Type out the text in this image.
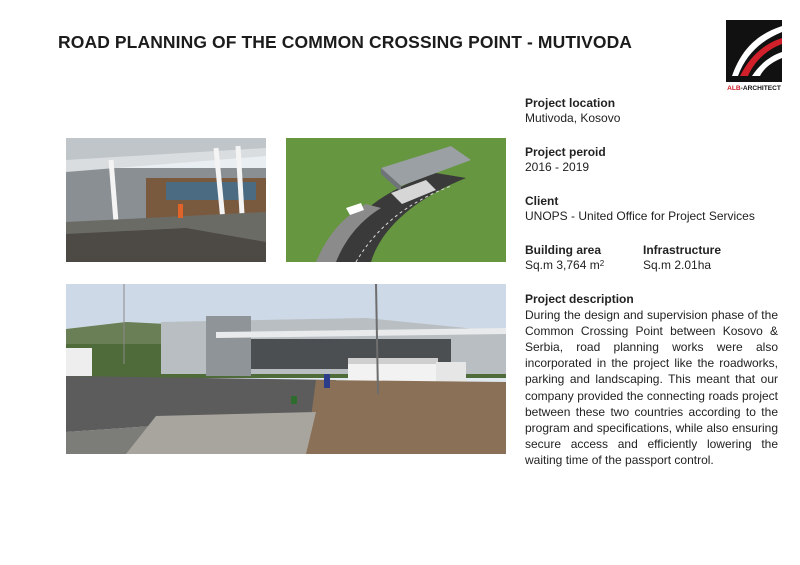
ROAD PLANNING OF THE COMMON CROSSING POINT - MUTIVODA
ALB-ARCHITECT
Project location
Mutivoda, Kosovo
Project peroid
2016 - 2019
Client
UNOPS - United Office for Project Services
Building area
Sq.m 3,764 $m^2$
Infrastructure
Sq.m 2.01ha
Project description
During the design and supervision phase of the Common Crossing Point between Kosovo & Serbia, road planning works were also incorporated in the project like the roadworks, parking and landscaping. This meant that our company provided the connecting roads project between these two countries according to the program and specifications, while also ensuring secure access and efficiently lowering the waiting time of the passport control.
